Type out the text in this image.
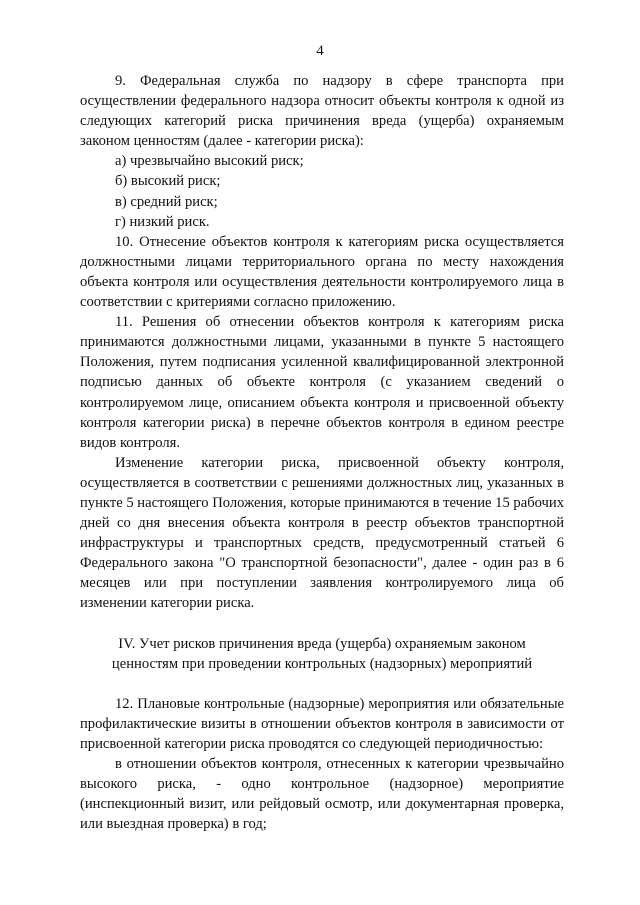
4

9. Федеральная служба по надзору в сфере транспорта при осуществлении федерального надзора относит объекты контроля к одной из следующих категорий риска причинения вреда (ущерба) охраняемым законом ценностям (далее - категории риска):

а) чрезвычайно высокий риск;

б) высокий риск;

в) средний риск;

г) низкий риск.

10. Отнесение объектов контроля к категориям риска осуществляется должностными лицами территориального органа по месту нахождения объекта контроля или осуществления деятельности контролируемого лица в соответствии с критериями согласно приложению.

11. Решения об отнесении объектов контроля к категориям риска принимаются должностными лицами, указанными в пункте 5 настоящего Положения, путем подписания усиленной квалифицированной электронной подписью данных об объекте контроля (с указанием сведений о контролируемом лице, описанием объекта контроля и присвоенной объекту контроля категории риска) в перечне объектов контроля в едином реестре видов контроля.

Изменение категории риска, присвоенной объекту контроля, осуществляется в соответствии с решениями должностных лиц, указанных в пункте 5 настоящего Положения, которые принимаются в течение 15 рабочих дней со дня внесения объекта контроля в реестр объектов транспортной инфраструктуры и транспортных средств, предусмотренный статьей 6 Федерального закона "О транспортной безопасности", далее - один раз в 6 месяцев или при поступлении заявления контролируемого лица об изменении категории риска.

IV. Учет рисков причинения вреда (ущерба) охраняемым законом
ценностям при проведении контрольных (надзорных) мероприятий

12. Плановые контрольные (надзорные) мероприятия или обязательные профилактические визиты в отношении объектов контроля в зависимости от присвоенной категории риска проводятся со следующей периодичностью:

в отношении объектов контроля, отнесенных к категории чрезвычайно высокого риска, - одно контрольное (надзорное) мероприятие (инспекционный визит, или рейдовый осмотр, или документарная проверка, или выездная проверка) в год;
